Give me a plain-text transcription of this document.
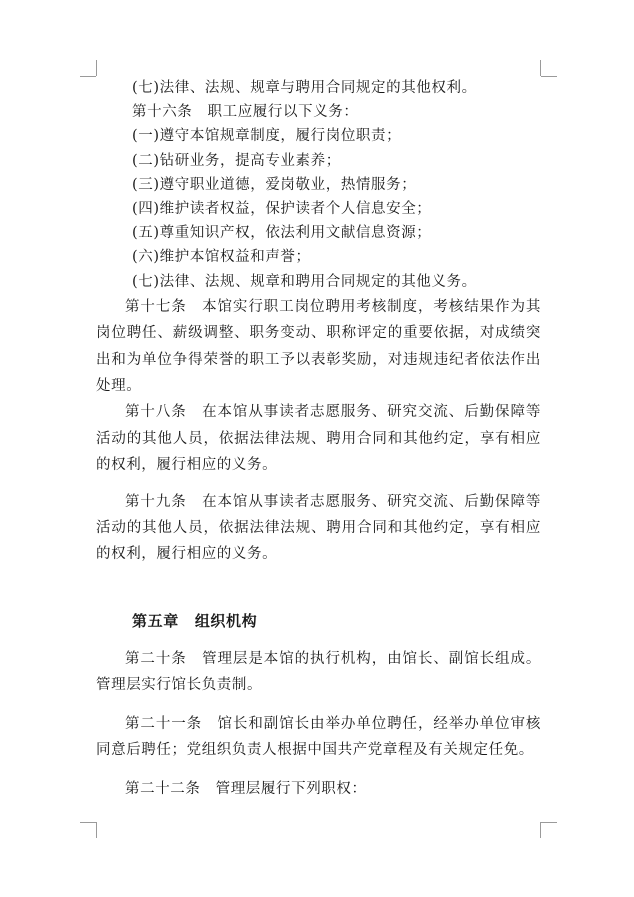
(七)法律、法规、规章与聘用合同规定的其他权利。
第十六条　职工应履行以下义务：
(一)遵守本馆规章制度，履行岗位职责；
(二)钻研业务，提高专业素养；
(三)遵守职业道德，爱岗敬业，热情服务；
(四)维护读者权益，保护读者个人信息安全；
(五)尊重知识产权，依法利用文献信息资源；
(六)维护本馆权益和声誉；
(七)法律、法规、规章和聘用合同规定的其他义务。
第十七条　本馆实行职工岗位聘用考核制度，考核结果作为其岗位聘任、薪级调整、职务变动、职称评定的重要依据，对成绩突出和为单位争得荣誉的职工予以表彰奖励，对违规违纪者依法作出处理。
第十八条　在本馆从事读者志愿服务、研究交流、后勤保障等活动的其他人员，依据法律法规、聘用合同和其他约定，享有相应的权利，履行相应的义务。
第十九条　在本馆从事读者志愿服务、研究交流、后勤保障等活动的其他人员，依据法律法规、聘用合同和其他约定，享有相应的权利，履行相应的义务。
第五章 组织机构
第二十条　管理层是本馆的执行机构，由馆长、副馆长组成。管理层实行馆长负责制。
第二十一条　馆长和副馆长由举办单位聘任，经举办单位审核同意后聘任；党组织负责人根据中国共产党章程及有关规定任免。
第二十二条　管理层履行下列职权：
